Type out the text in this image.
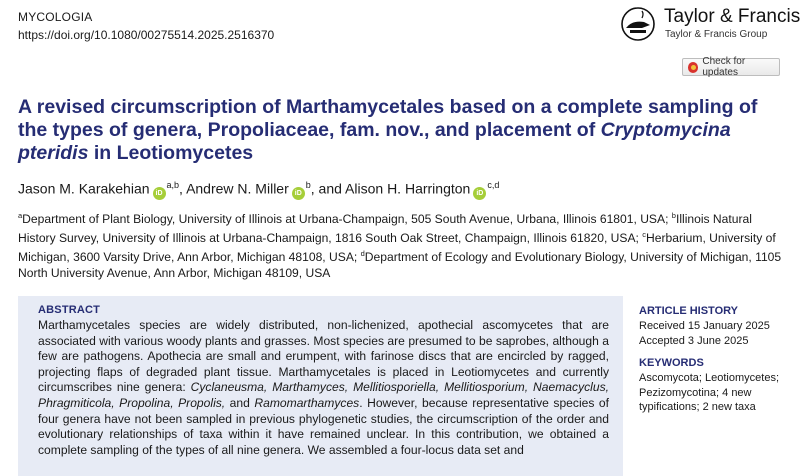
MYCOLOGIA
https://doi.org/10.1080/00275514.2025.2516370
Taylor & Francis
Taylor & Francis Group
Check for updates
A revised circumscription of Marthamycetales based on a complete sampling of the types of genera, Propoliaceae, fam. nov., and placement of Cryptomycina pteridis in Leotiomycetes
Jason M. Karakehian iD$^{a,b}$, Andrew N. Miller $iD^b$, and Alison H. Harrington iD$^{c,d}$
$^a$Department of Plant Biology, University of Illinois at Urbana-Champaign, 505 South Avenue, Urbana, Illinois 61801, USA; $^b$Illinois Natural History Survey, University of Illinois at Urbana-Champaign, 1816 South Oak Street, Champaign, Illinois 61820, USA; $^c$Herbarium, University of Michigan, 3600 Varsity Drive, Ann Arbor, Michigan 48108, USA; $^d$Department of Ecology and Evolutionary Biology, University of Michigan, 1105 North University Avenue, Ann Arbor, Michigan 48109, USA
ABSTRACT
Marthamycetales species are widely distributed, non-lichenized, apothecial ascomycetes that are associated with various woody plants and grasses. Most species are presumed to be saprobes, although a few are pathogens. Apothecia are small and erumpent, with farinose discs that are encircled by ragged, projecting flaps of degraded plant tissue. Marthamycetales is placed in Leotiomycetes and currently circumscribes nine genera: Cyclaneusma, Marthamyces, Mellitiosporiella, Mellitiosporium, Naemacyclus, Phragmiticola, Propolina, Propolis, and Ramomarthamyces. However, because representative species of four genera have not been sampled in previous phylogenetic studies, the circumscription of the order and evolutionary relationships of taxa within it have remained unclear. In this contribution, we obtained a complete sampling of the types of all nine genera. We assembled a four-locus data set and
ARTICLE HISTORY
Received 15 January 2025
Accepted 3 June 2025
KEYWORDS
Ascomycota; Leotiomycetes;
Pezizomycotina; 4 new
typifications; 2 new taxa
